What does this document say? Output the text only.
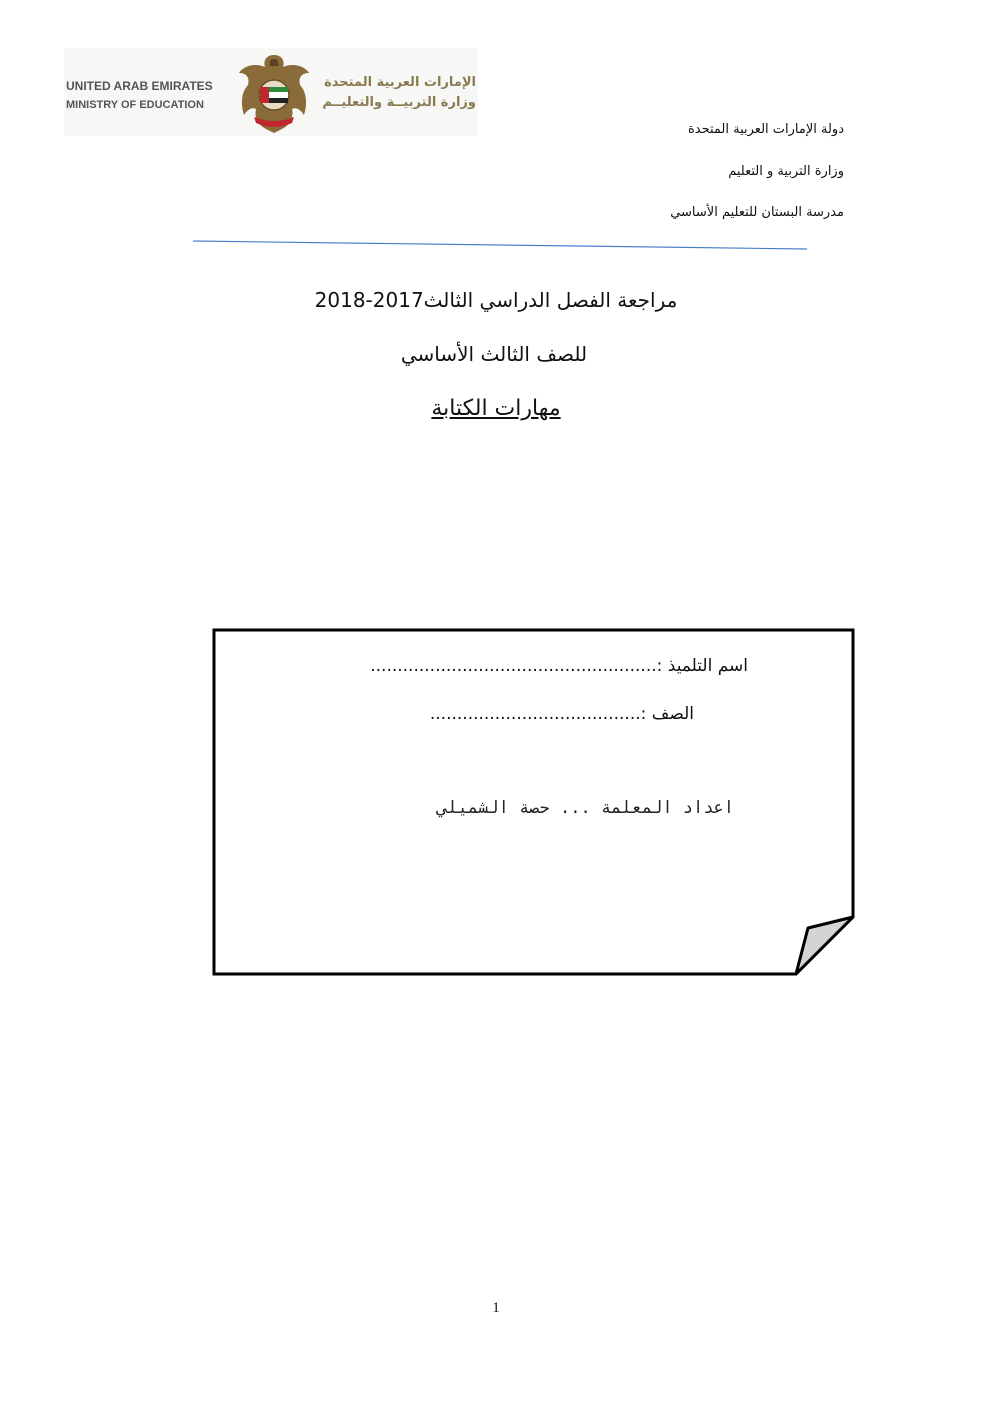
UNITED ARAB EMIRATES
MINISTRY OF EDUCATION
الإمارات العربية المتحدة
وزارة التربيــة والتعليــم
دولة الإمارات العربية المتحدة
وزارة التربية و التعليم
مدرسة البستان للتعليم الأساسي
مراجعة الفصل الدراسي الثالث2017-2018
للصف الثالث الأساسي
مهارات الكتابة
اسم التلميذ :.....................................................
الصف :.......................................
اعداد المعلمة ... حصة الشميلي
1
